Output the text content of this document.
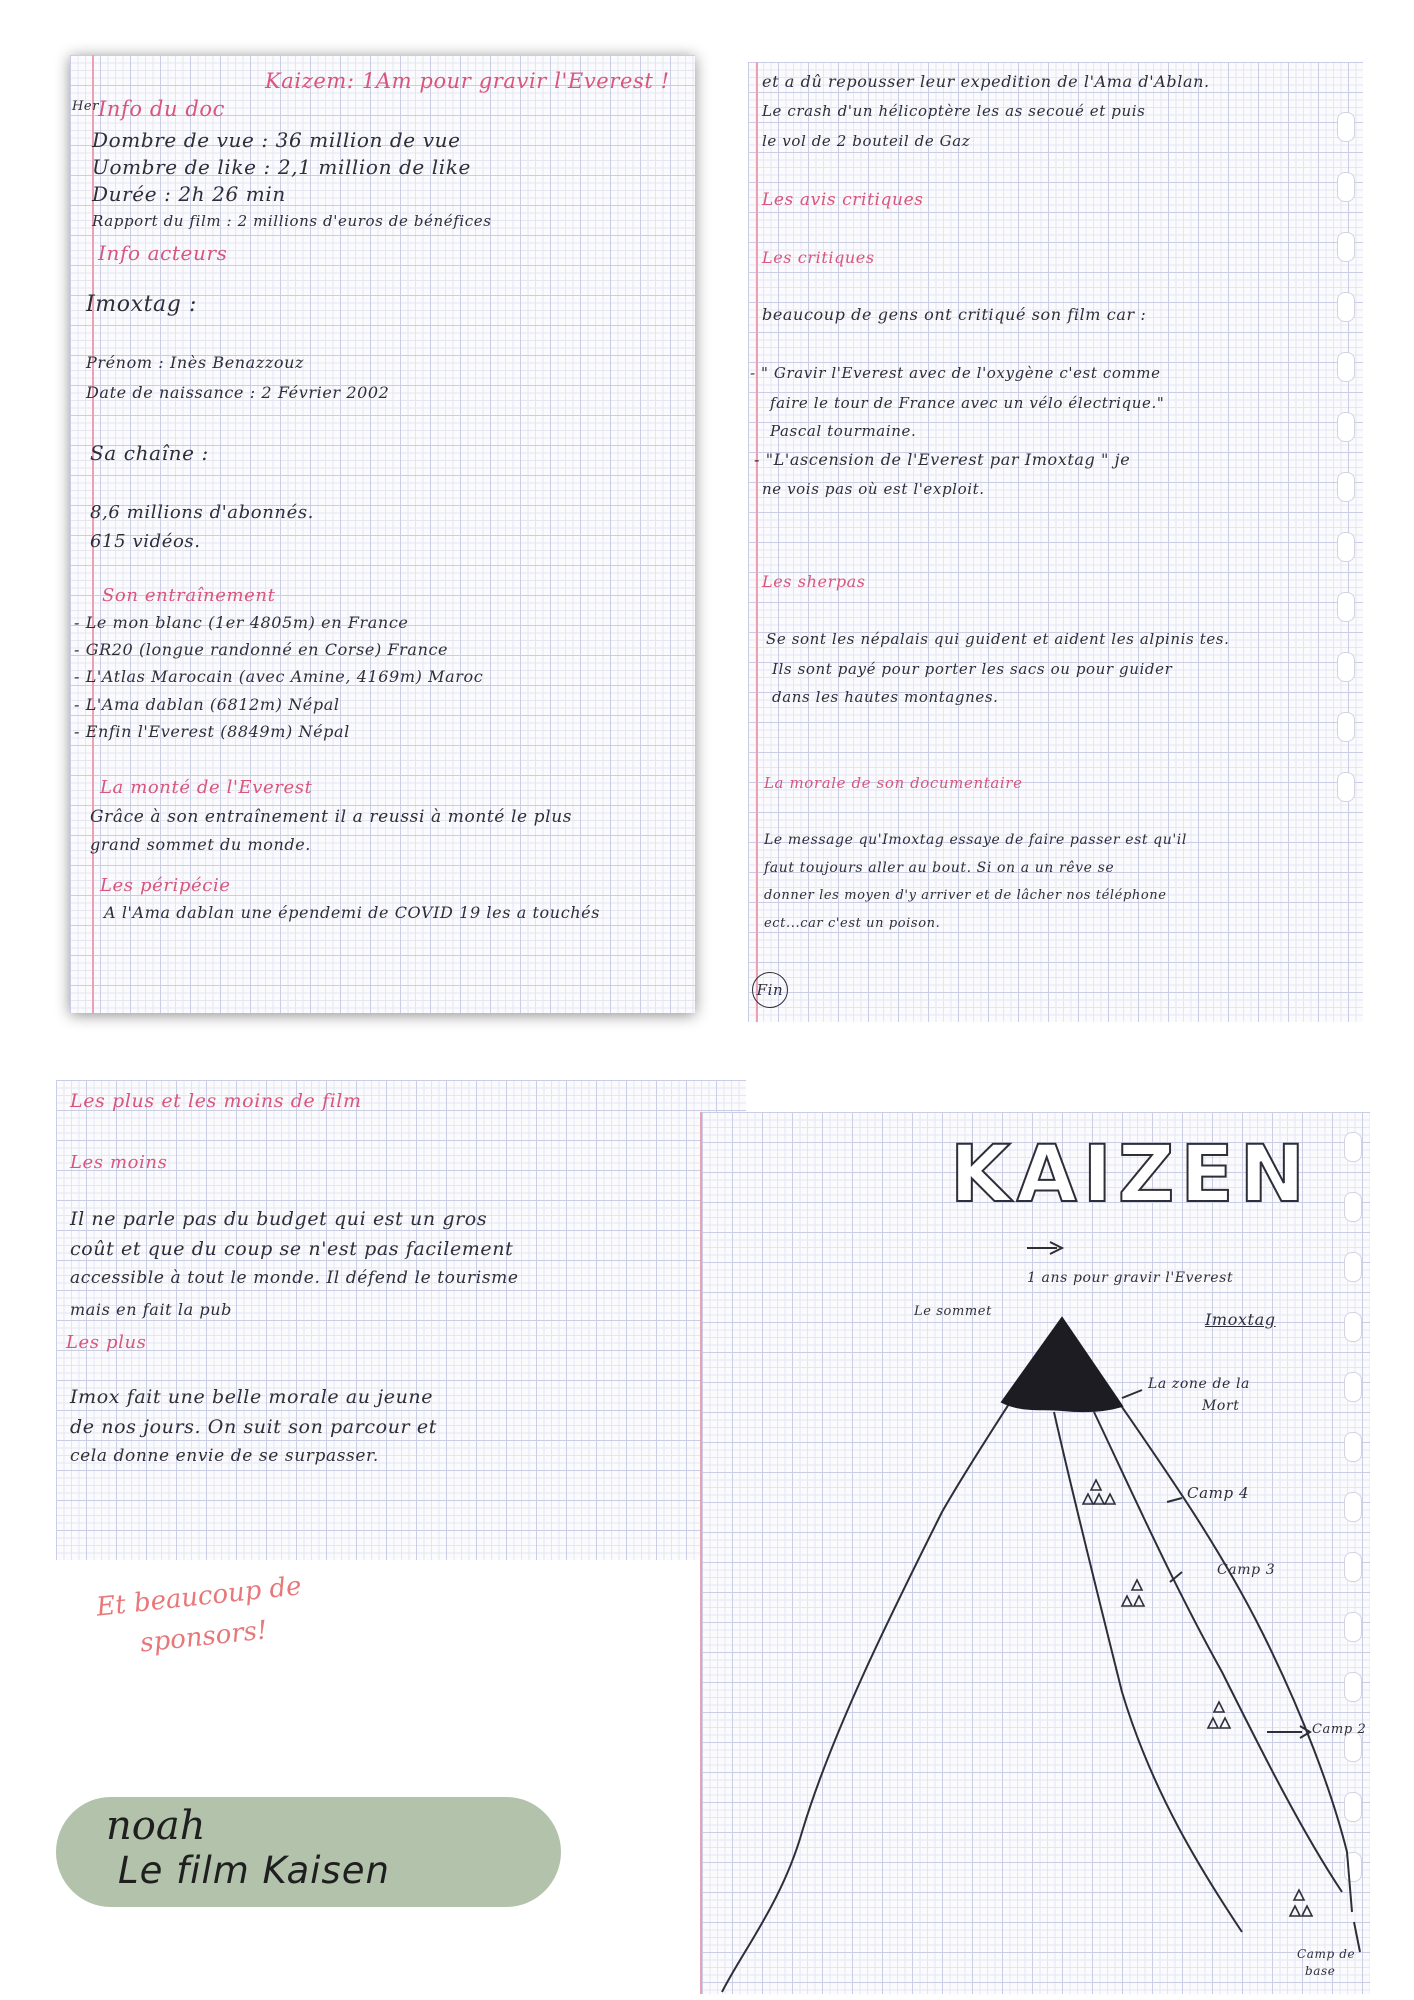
Kaizem: 1Am pour gravir l'Everest !
Her
Info du doc
Dombre de vue : 36 million de vue
Uombre de like : 2,1 million de like
Durée : 2h 26 min
Rapport du film : 2 millions d'euros de bénéfices
Info acteurs
Imoxtag :
Prénom : Inès Benazzouz
Date de naissance : 2 Février 2002
Sa chaîne :
8,6 millions d'abonnés.
615 vidéos.
Son entraînement
- Le mon blanc (1er 4805m) en France
- GR20 (longue randonné en Corse) France
- L'Atlas Marocain (avec Amine, 4169m) Maroc
- L'Ama dablan (6812m) Népal
- Enfin l'Everest (8849m) Népal
La monté de l'Everest
Grâce à son entraînement il a reussi à monté le plus
grand sommet du monde.
Les péripécie
A l'Ama dablan une épendemi de COVID 19 les a touchés
et a dû repousser leur expedition de l'Ama d'Ablan.
Le crash d'un hélicoptère les as secoué et puis
le vol de 2 bouteil de Gaz
Les avis critiques
Les critiques
beaucoup de gens ont critiqué son film car :
- " Gravir l'Everest avec de l'oxygène c'est comme
faire le tour de France avec un vélo électrique."
Pascal tourmaine.
- "L'ascension de l'Everest par Imoxtag " je
ne vois pas où est l'exploit.
Les sherpas
Se sont les népalais qui guident et aident les alpinis tes.
Ils sont payé pour porter les sacs ou pour guider
dans les hautes montagnes.
La morale de son documentaire
Le message qu'Imoxtag essaye de faire passer est qu'il
faut toujours aller au bout. Si on a un rêve se
donner les moyen d'y arriver et de lâcher nos téléphone
ect...car c'est un poison.
Fin
Les plus et les moins de film
Les moins
Il ne parle pas du budget qui est un gros
coût et que du coup se n'est pas facilement
accessible à tout le monde. Il défend le tourisme
mais en fait la pub
Les plus
Imox fait une belle morale au jeune
de nos jours. On suit son parcour et
cela donne envie de se surpasser.
Et beaucoup de
sponsors!
1 ans pour gravir l'Everest
Imoxtag
Le sommet
La zone de la
Mort
Camp 4
Camp 3
Camp 2
Camp de
base
KAIZEN
noah
Le film Kaisen
